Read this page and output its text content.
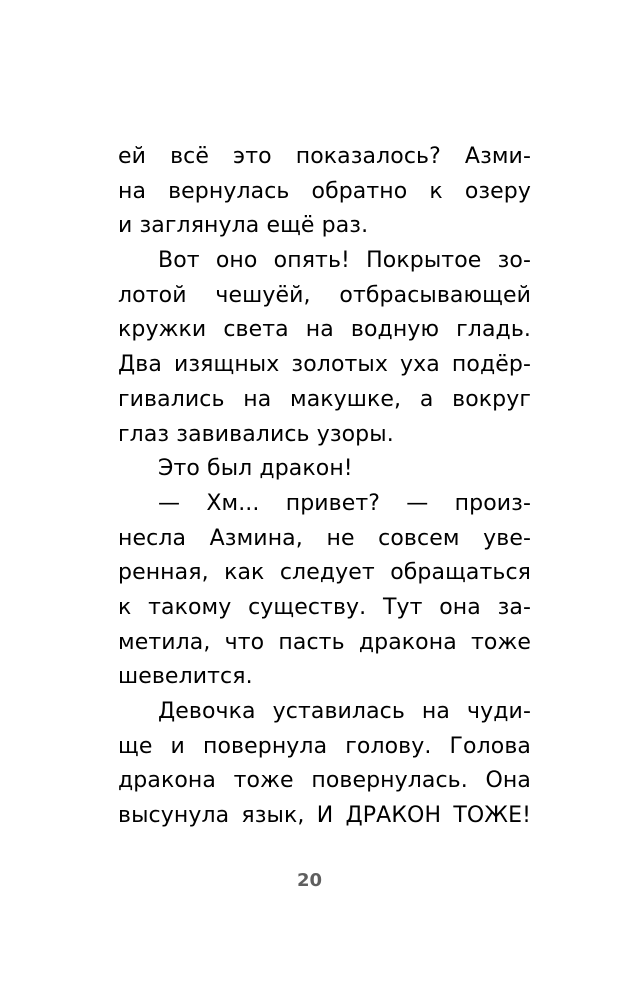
ей всё это показалось? Азми-
на вернулась обратно к озеру
и заглянула ещё раз.
Вот оно опять! Покрытое зо-
лотой чешуёй, отбрасывающей
кружки света на водную гладь.
Два изящных золотых уха подёр-
гивались на макушке, а вокруг
глаз завивались узоры.
Это был дракон!
— Хм... привет? — произ-
несла Азмина, не совсем уве-
ренная, как следует обращаться
к такому существу. Тут она за-
метила, что пасть дракона тоже
шевелится.
Девочка уставилась на чуди-
ще и повернула голову. Голова
дракона тоже повернулась. Она
высунула язык, И ДРАКОН ТОЖЕ!
20
